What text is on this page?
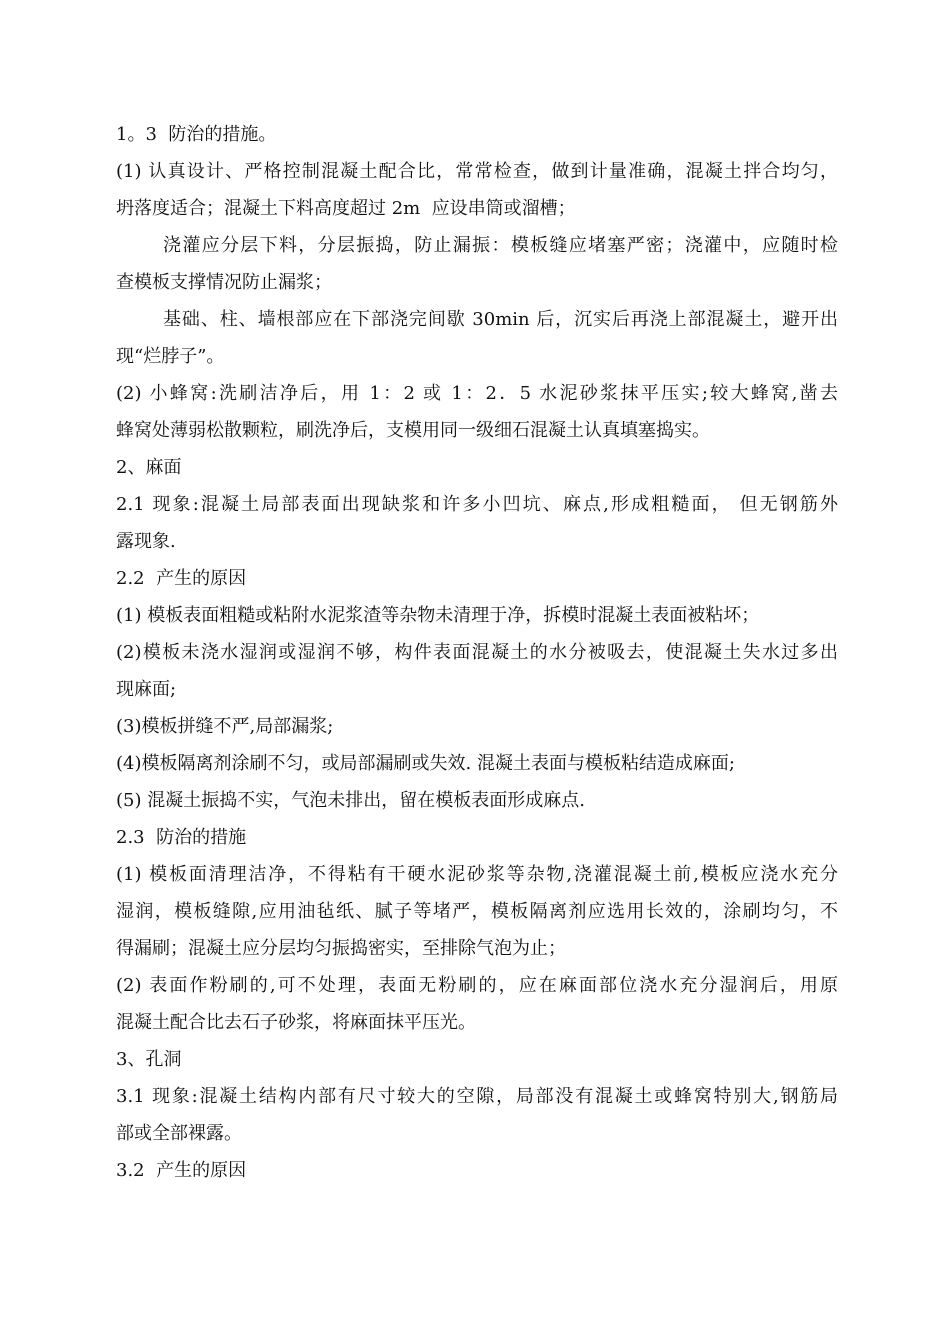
1。3  防治的措施。
(1) 认真设计、严格控制混凝土配合比，常常检查，做到计量准确，混凝土拌合均匀，
坍落度适合；混凝土下料高度超过 2m  应设串筒或溜槽；
浇灌应分层下料，分层振捣，防止漏振：模板缝应堵塞严密；浇灌中，应随时检
查模板支撑情况防止漏浆；
基础、柱、墙根部应在下部浇完间歇 30min 后，沉实后再浇上部混凝土，避开出
现“烂脖子”。
(2) 小蜂窝:洗刷洁净后，用 1：2 或 1：2．5 水泥砂浆抹平压实;较大蜂窝,凿去
蜂窝处薄弱松散颗粒，刷洗净后，支模用同一级细石混凝土认真填塞捣实。
2、麻面
2.1 现象:混凝土局部表面出现缺浆和许多小凹坑、麻点,形成粗糙面， 但无钢筋外
露现象.
2.2  产生的原因
(1) 模板表面粗糙或粘附水泥浆渣等杂物未清理于净，拆模时混凝土表面被粘坏；
(2)模板未浇水湿润或湿润不够，构件表面混凝土的水分被吸去，使混凝土失水过多出
现麻面;
(3)模板拼缝不严,局部漏浆;
(4)模板隔离剂涂刷不匀，或局部漏刷或失效. 混凝土表面与模板粘结造成麻面;
(5) 混凝土振捣不实，气泡未排出，留在模板表面形成麻点.
2.3  防治的措施
(1) 模板面清理洁净，不得粘有干硬水泥砂浆等杂物,浇灌混凝土前,模板应浇水充分
湿润，模板缝隙,应用油毡纸、腻子等堵严，模板隔离剂应选用长效的，涂刷均匀，不
得漏刷；混凝土应分层均匀振捣密实，至排除气泡为止；
(2) 表面作粉刷的,可不处理，表面无粉刷的，应在麻面部位浇水充分湿润后，用原
混凝土配合比去石子砂浆，将麻面抹平压光。
3、孔洞
3.1 现象:混凝土结构内部有尺寸较大的空隙，局部没有混凝土或蜂窝特别大,钢筋局
部或全部裸露。
3.2  产生的原因
